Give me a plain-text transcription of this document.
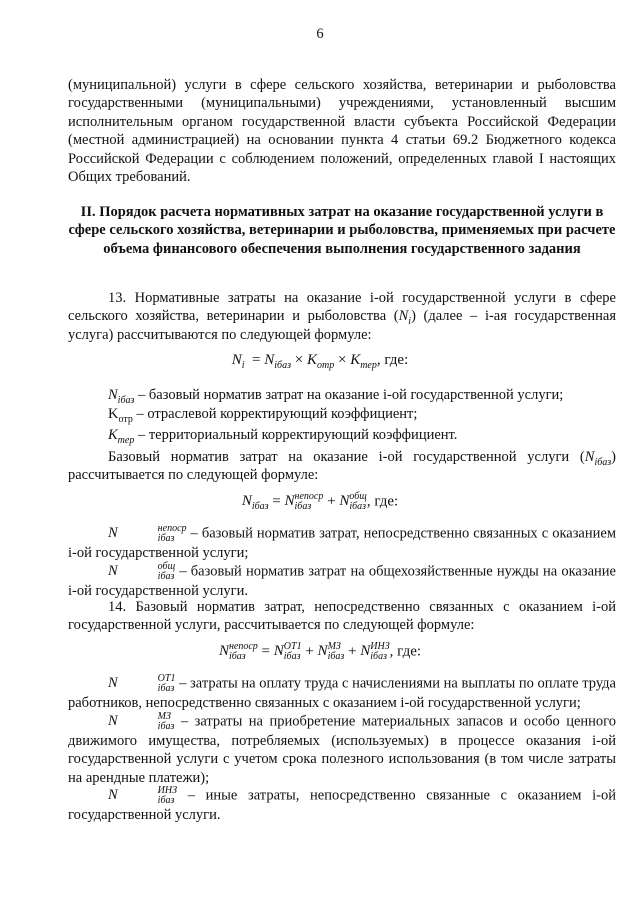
6
(муниципальной) услуги в сфере сельского хозяйства, ветеринарии и рыболовства государственными (муниципальными) учреждениями, установленный высшим исполнительным органом государственной власти субъекта Российской Федерации (местной администрацией) на основании пункта 4 статьи 69.2 Бюджетного кодекса Российской Федерации с соблюдением положений, определенных главой I настоящих Общих требований.
II. Порядок расчета нормативных затрат на оказание государственной услуги в сфере сельского хозяйства, ветеринарии и рыболовства, применяемых при расчете объема финансового обеспечения выполнения государственного задания
13. Нормативные затраты на оказание i-ой государственной услуги в сфере сельского хозяйства, ветеринарии и рыболовства $(N_i)$ (далее – i-ая государственная услуга) рассчитываются по следующей формуле:
$N_i = N_{iбаз} \times K_{отр} \times K_{тер}$, где:
$N_{iбаз}$ – базовый норматив затрат на оказание i-ой государственной услуги;
$K_{отр}$ – отраслевой корректирующий коэффициент;
$K_{тер}$ – территориальный корректирующий коэффициент.
Базовый норматив затрат на оказание i-ой государственной услуги $(N_{iбаз})$ рассчитывается по следующей формуле:
$N_{iбаз} = N$ непоср
iбаз	+ N общ
iбаз , где:
N	непоср
iбаз – базовый норматив затрат, непосредственно связанных с оказанием i-ой государственной услуги;
N	общ
iбаз – базовый норматив затрат на общехозяйственные нужды на оказание i-ой государственной услуги.
14. Базовый норматив затрат, непосредственно связанных с оказанием i-ой государственной услуги, рассчитывается по следующей формуле:
N непоср
iбаз	= N ОТ1
iбаз + N МЗ
iбаз + N ИНЗ
iбаз , где:
N	ОТ1
iбаз – затраты на оплату труда с начислениями на выплаты по оплате труда работников, непосредственно связанных с оказанием i-ой государственной услуги;
N	МЗ
iбаз – затраты на приобретение материальных запасов и особо ценного движимого имущества, потребляемых (используемых) в процессе оказания i-ой государственной услуги с учетом срока полезного использования (в том числе затраты на арендные платежи);
N	ИНЗ
iбаз – иные затраты, непосредственно связанные с оказанием i-ой государственной услуги.
